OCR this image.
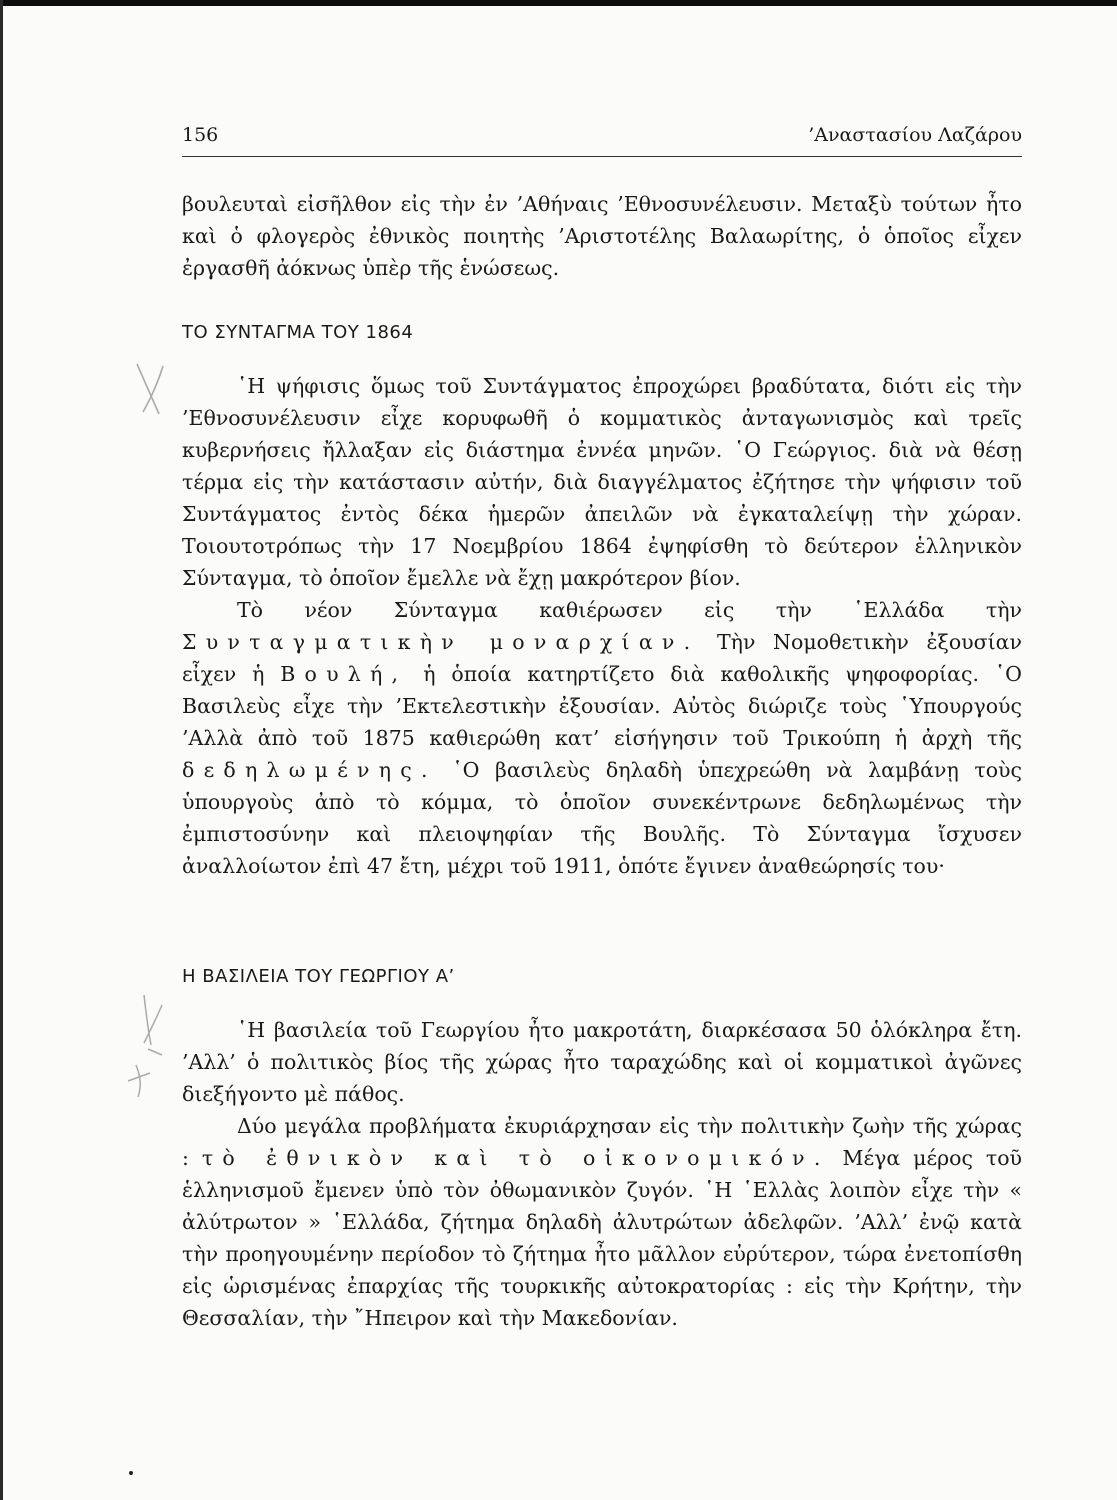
156	’Αναστασίου Λαζάρου

βουλευταὶ εἰσῆλθον εἰς τὴν ἐν ’Αθήναις ’Εθνοσυνέλευσιν. Μεταξὺ τούτων ἦτο καὶ ὁ φλογερὸς ἐθνικὸς ποιητὴς ’Αριστοτέλης Βαλαωρίτης, ὁ ὁποῖος εἶχεν ἐργασθῆ ἀόκνως ὑπὲρ τῆς ἑνώσεως.

ΤΟ ΣΥΝΤΑΓΜΑ ΤΟΥ 1864

῾Η ψήφισις ὅμως τοῦ Συντάγματος ἐπροχώρει βραδύτατα, διότι εἰς τὴν ’Εθνοσυνέλευσιν εἶχε κορυφωθῆ ὁ κομματικὸς ἀνταγωνισμὸς καὶ τρεῖς κυβερνήσεις ἤλλαξαν εἰς διάστημα ἐννέα μηνῶν. ῾Ο Γεώργιος. διὰ νὰ θέσῃ τέρμα εἰς τὴν κατάστασιν αὐτήν, διὰ διαγγέλματος ἐζήτησε τὴν ψήφισιν τοῦ Συντάγματος ἐντὸς δέκα ἡμερῶν ἀπειλῶν νὰ ἐγκαταλείψῃ τὴν χώραν. Τοιουτοτρόπως τὴν 17 Νοεμβρίου 1864 ἐψηφίσθη τὸ δεύτερον ἑλληνικὸν Σύνταγμα, τὸ ὁποῖον ἔμελλε νὰ ἔχῃ μακρότερον βίον.

Τὸ νέον Σύνταγμα καθιέρωσεν εἰς τὴν ῾Ελλάδα τὴν Συνταγματικὴν μοναρχίαν. Τὴν Νομοθετικὴν ἐξουσίαν εἶχεν ἡ Βουλή, ἡ ὁποία κατηρτίζετο διὰ καθολικῆς ψηφοφορίας. ῾Ο Βασιλεὺς εἶχε τὴν ’Εκτελεστικὴν ἐξουσίαν. Αὐτὸς διώριζε τοὺς ῾Υπουργούς ’Αλλὰ ἀπὸ τοῦ 1875 καθιερώθη κατ’ εἰσήγησιν τοῦ Τρικούπη ἡ ἀρχὴ τῆς δεδηλωμένης. ῾Ο βασιλεὺς δηλαδὴ ὑπεχρεώθη νὰ λαμβάνῃ τοὺς ὑπουργοὺς ἀπὸ τὸ κόμμα, τὸ ὁποῖον συνεκέντρωνε δεδηλωμένως τὴν ἐμπιστοσύνην καὶ πλειοψηφίαν τῆς Βουλῆς. Τὸ Σύνταγμα ἴσχυσεν ἀναλλοίωτον ἐπὶ 47 ἔτη, μέχρι τοῦ 1911, ὁπότε ἔγινεν ἀναθεώρησίς του·

Η ΒΑΣΙΛΕΙΑ ΤΟΥ ΓΕΩΡΓΙΟΥ Α’

῾Η βασιλεία τοῦ Γεωργίου ἦτο μακροτάτη, διαρκέσασα 50 ὁλόκληρα ἔτη. ’Αλλ’ ὁ πολιτικὸς βίος τῆς χώρας ἦτο ταραχώδης καὶ οἱ κομματικοὶ ἀγῶνες διεξήγοντο μὲ πάθος.

Δύο μεγάλα προβλήματα ἐκυριάρχησαν εἰς τὴν πολιτικὴν ζωὴν τῆς χώρας : τὸ ἐθνικὸν καὶ τὸ οἰκονομικόν. Μέγα μέρος τοῦ ἑλληνισμοῦ ἔμενεν ὑπὸ τὸν ὀθωμανικὸν ζυγόν. ῾Η ῾Ελλὰς λοιπὸν εἶχε τὴν « ἀλύτρωτον » ῾Ελλάδα, ζήτημα δηλαδὴ ἀλυτρώτων ἀδελφῶν. ’Αλλ’ ἐνῷ κατὰ τὴν προηγουμένην περίοδον τὸ ζήτημα ἦτο μᾶλλον εὐρύτερον, τώρα ἐνετοπίσθη εἰς ὡρισμένας ἐπαρχίας τῆς τουρκικῆς αὐτοκρατορίας : εἰς τὴν Κρήτην, τὴν Θεσσαλίαν, τὴν ῎Ηπειρον καὶ τὴν Μακεδονίαν.
